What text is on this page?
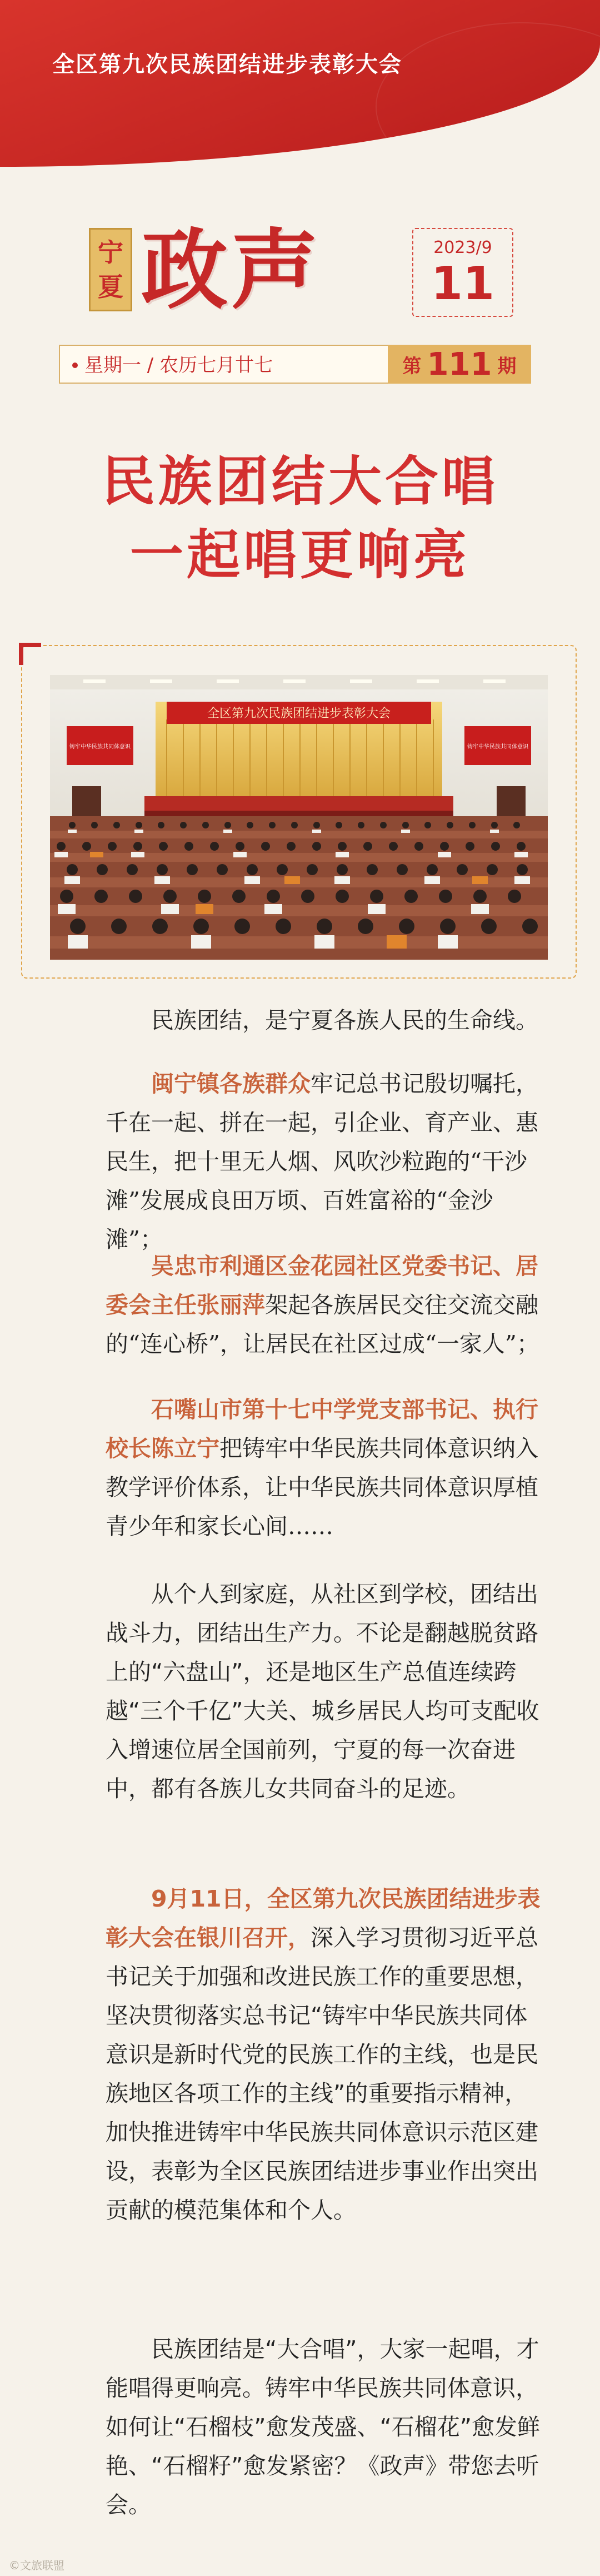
全区第九次民族团结进步表彰大会
宁
夏 政声	2023/9
11
星期一 / 农历七月廿七	第 111 期
民族团结大合唱
一起唱更响亮
全区第九次民族团结进步表彰大会
铸牢中华民族共同体意识	铸牢中华民族共同体意识

民族团结，是宁夏各族人民的生命线。

闽宁镇各族群众牢记总书记殷切嘱托，千在一起、拼在一起，引企业、育产业、惠民生，把十里无人烟、风吹沙粒跑的“干沙滩”发展成良田万顷、百姓富裕的“金沙滩”；

吴忠市利通区金花园社区党委书记、居委会主任张丽萍架起各族居民交往交流交融的“连心桥”，让居民在社区过成“一家人”；

石嘴山市第十七中学党支部书记、执行校长陈立宁把铸牢中华民族共同体意识纳入教学评价体系，让中华民族共同体意识厚植青少年和家长心间……

从个人到家庭，从社区到学校，团结出战斗力，团结出生产力。不论是翻越脱贫路上的“六盘山”，还是地区生产总值连续跨越“三个千亿”大关、城乡居民人均可支配收入增速位居全国前列，宁夏的每一次奋进中，都有各族儿女共同奋斗的足迹。

9月11日，全区第九次民族团结进步表彰大会在银川召开，深入学习贯彻习近平总书记关于加强和改进民族工作的重要思想，坚决贯彻落实总书记“铸牢中华民族共同体意识是新时代党的民族工作的主线，也是民族地区各项工作的主线”的重要指示精神，加快推进铸牢中华民族共同体意识示范区建设，表彰为全区民族团结进步事业作出突出贡献的模范集体和个人。

民族团结是“大合唱”，大家一起唱，才能唱得更响亮。铸牢中华民族共同体意识，如何让“石榴枝”愈发茂盛、“石榴花”愈发鲜艳、“石榴籽”愈发紧密？《政声》带您去听会。

©文旅联盟
